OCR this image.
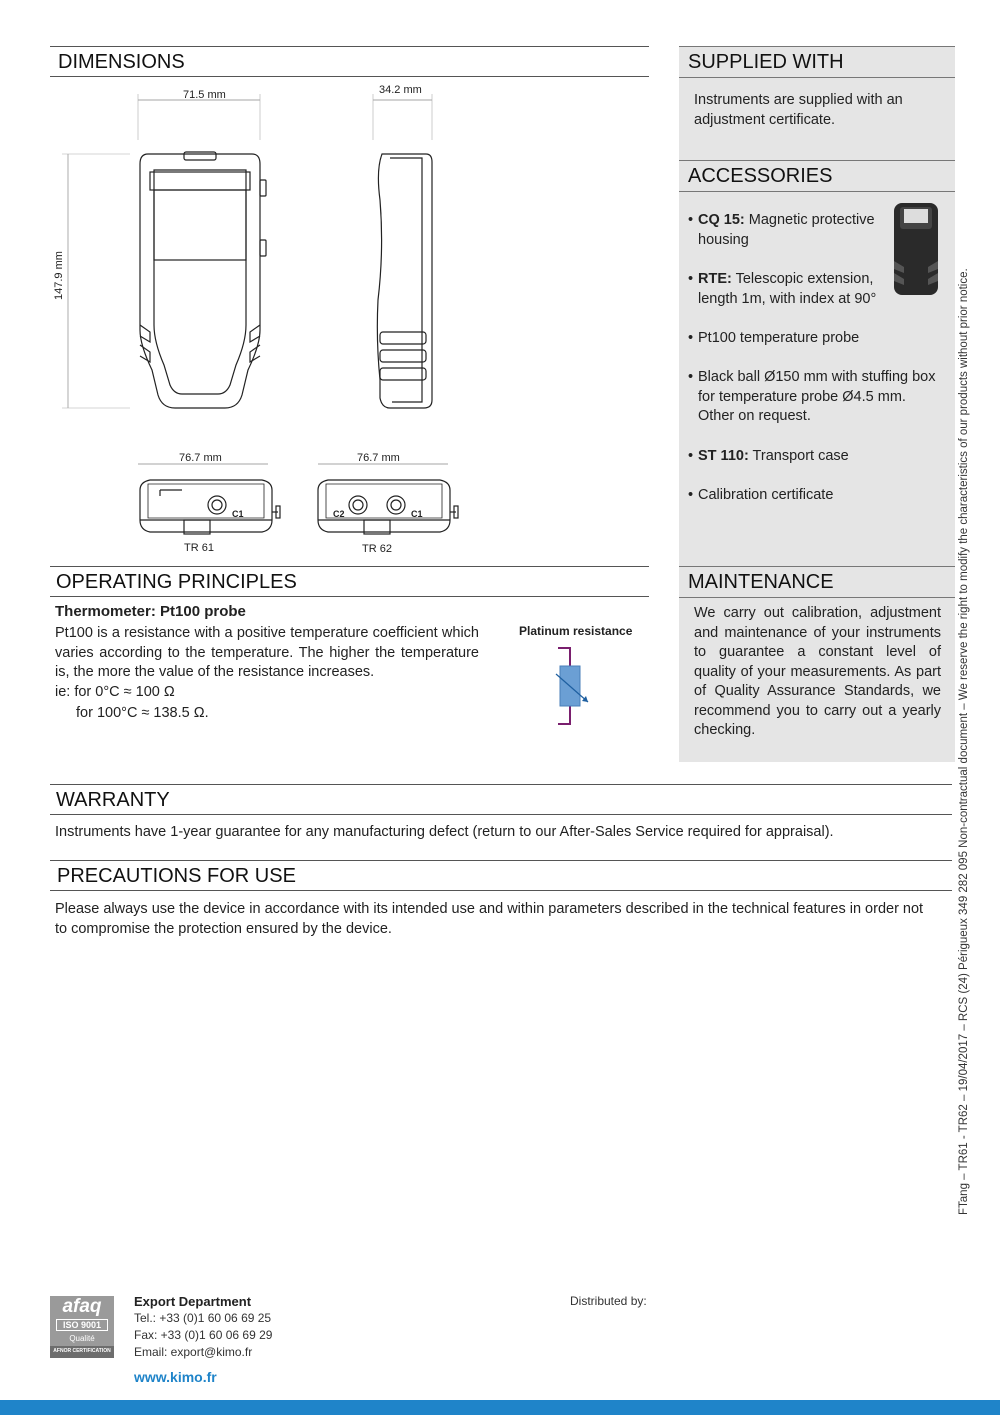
DIMENSIONS
71.5 mm	34.2 mm
147.9 mm
76.7 mm	76.7 mm
TR 61	TR 62
C1	C2	C1
SUPPLIED WITH
Instruments are supplied with an adjustment certificate.
ACCESSORIES
• CQ 15: Magnetic protective housing
• RTE: Telescopic extension, length 1m, with index at 90°
• Pt100 temperature probe
• Black ball Ø150 mm with stuffing box for temperature probe Ø4.5 mm. Other on request.
• ST 110: Transport case
• Calibration certificate
OPERATING PRINCIPLES
Thermometer: Pt100 probe
Pt100 is a resistance with a positive temperature coefficient which varies according to the temperature. The higher the temperature is, the more the value of the resistance increases.
ie: for 0°C ≈ 100 Ω
for 100°C ≈ 138.5 Ω.
Platinum resistance
MAINTENANCE
We carry out calibration, adjustment and maintenance of your instruments to guarantee a constant level of quality of your measurements. As part of Quality Assurance Standards, we recommend you to carry out a yearly checking.
WARRANTY
Instruments have 1-year guarantee for any manufacturing defect (return to our After-Sales Service required for appraisal).
PRECAUTIONS FOR USE
Please always use the device in accordance with its intended use and within parameters described in the technical features in order not to compromise the protection ensured by the device.	FTang – TR61 - TR62 – 19/04/2017 – RCS (24) Périgueux 349 282 095 Non-contractual document – We reserve the right to modify the characteristics of our products without prior notice.
afaq
ISO 9001
Qualité
AFNOR CERTIFICATION
Export Department
Tel.: +33 (0)1 60 06 69 25
Fax: +33 (0)1 60 06 69 29
Email: export@kimo.fr
www.kimo.fr
Distributed by:
